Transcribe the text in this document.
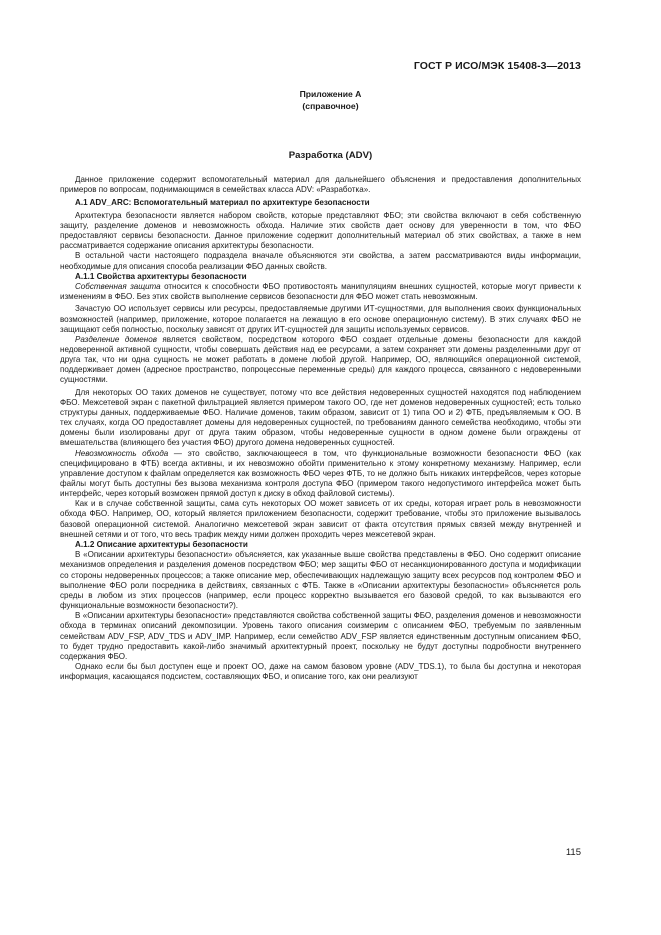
ГОСТ Р ИСО/МЭК 15408-3—2013
Приложение А
(справочное)
Разработка (ADV)

Данное приложение содержит вспомогательный материал для дальнейшего объяснения и предоставления дополнительных примеров по вопросам, поднимающимся в семействах класса ADV: «Разработка».

A.1 ADV_ARC: Вспомогательный материал по архитектуре безопасности

Архитектура безопасности является набором свойств, которые представляют ФБО; эти свойства включают в себя собственную защиту, разделение доменов и невозможность обхода. Наличие этих свойств дает основу для уверенности в том, что ФБО предоставляют сервисы безопасности. Данное приложение содержит дополнительный материал об этих свойствах, а также в нем рассматривается содержание описания архитектуры безопасности.

В остальной части настоящего подраздела вначале объясняются эти свойства, а затем рассматриваются виды информации, необходимые для описания способа реализации ФБО данных свойств.

A.1.1 Свойства архитектуры безопасности

Собственная защита относится к способности ФБО противостоять манипуляциям внешних сущностей, которые могут привести к изменениям в ФБО. Без этих свойств выполнение сервисов безопасности для ФБО может стать невозможным.

Зачастую ОО использует сервисы или ресурсы, предоставляемые другими ИТ-сущностями, для выполнения своих функциональных возможностей (например, приложение, которое полагается на лежащую в его основе операционную систему). В этих случаях ФБО не защищают себя полностью, поскольку зависят от других ИТ-сущностей для защиты используемых сервисов.

Разделение доменов является свойством, посредством которого ФБО создает отдельные домены безопасности для каждой недоверенной активной сущности, чтобы совершать действия над ее ресурсами, а затем сохраняет эти домены разделенными друг от друга так, что ни одна сущность не может работать в домене любой другой. Например, ОО, являющийся операционной системой, поддерживает домен (адресное пространство, попроцессные переменные среды) для каждого процесса, связанного с недоверенными сущностями.

Для некоторых ОО таких доменов не существует, потому что все действия недоверенных сущностей находятся под наблюдением ФБО. Межсетевой экран с пакетной фильтрацией является примером такого ОО, где нет доменов недоверенных сущностей; есть только структуры данных, поддерживаемые ФБО. Наличие доменов, таким образом, зависит от 1) типа ОО и 2) ФТБ, предъявляемым к ОО. В тех случаях, когда ОО предоставляет домены для недоверенных сущностей, по требованиям данного семейства необходимо, чтобы эти домены были изолированы друг от друга таким образом, чтобы недоверенные сущности в одном домене были ограждены от вмешательства (влияющего без участия ФБО) другого домена недоверенных сущностей.

Невозможность обхода — это свойство, заключающееся в том, что функциональные возможности безопасности ФБО (как специфицировано в ФТБ) всегда активны, и их невозможно обойти применительно к этому конкретному механизму. Например, если управление доступом к файлам определяется как возможность ФБО через ФТБ, то не должно быть никаких интерфейсов, через которые файлы могут быть доступны без вызова механизма контроля доступа ФБО (примером такого недопустимого интерфейса может быть интерфейс, через который возможен прямой доступ к диску в обход файловой системы).

Как и в случае собственной защиты, сама суть некоторых ОО может зависеть от их среды, которая играет роль в невозможности обхода ФБО. Например, ОО, который является приложением безопасности, содержит требование, чтобы это приложение вызывалось базовой операционной системой. Аналогично межсетевой экран зависит от факта отсутствия прямых связей между внутренней и внешней сетями и от того, что весь трафик между ними должен проходить через межсетевой экран.

A.1.2 Описание архитектуры безопасности

В «Описании архитектуры безопасности» объясняется, как указанные выше свойства представлены в ФБО. Оно содержит описание механизмов определения и разделения доменов посредством ФБО; мер защиты ФБО от несанкционированного доступа и модификации со стороны недоверенных процессов; а также описание мер, обеспечивающих надлежащую защиту всех ресурсов под контролем ФБО и выполнение ФБО роли посредника в действиях, связанных с ФТБ. Также в «Описании архитектуры безопасности» объясняется роль среды в любом из этих процессов (например, если процесс корректно вызывается его базовой средой, то как вызываются его функциональные возможности безопасности?).

В «Описании архитектуры безопасности» представляются свойства собственной защиты ФБО, разделения доменов и невозможности обхода в терминах описаний декомпозиции. Уровень такого описания соизмерим с описанием ФБО, требуемым по заявленным семействам ADV_FSP, ADV_TDS и ADV_IMP. Например, если семейство ADV_FSP является единственным доступным описанием ФБО, то будет трудно предоставить какой-либо значимый архитектурный проект, поскольку не будут доступны подробности внутреннего содержания ФБО.

Однако если бы был доступен еще и проект ОО, даже на самом базовом уровне (ADV_TDS.1), то была бы доступна и некоторая информация, касающаяся подсистем, составляющих ФБО, и описание того, как они реализуют

115
